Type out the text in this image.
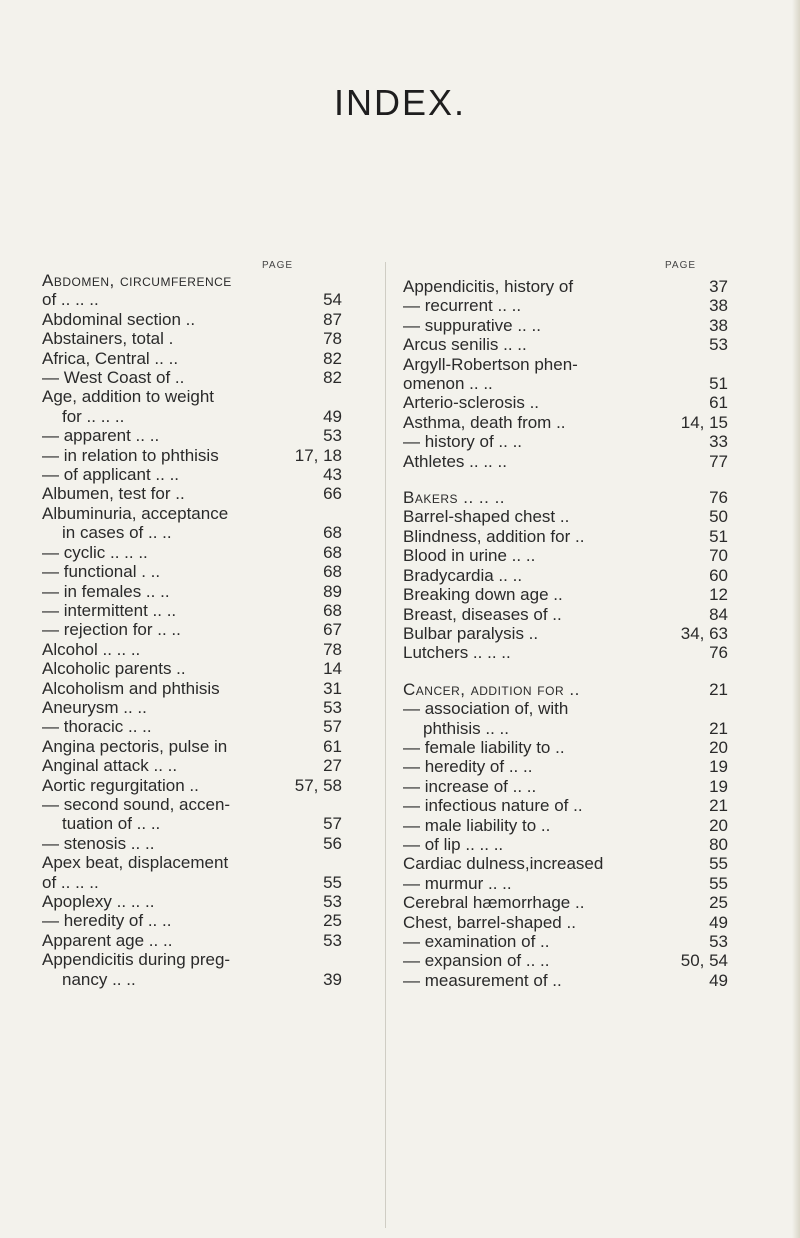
INDEX.
PAGE	PAGE
Abdomen, circumference
of .. .. ..	54
Abdominal section ..	87
Abstainers, total .	78
Africa, Central .. ..	82
— West Coast of ..	82
Age, addition to weight
for .. .. ..	49
— apparent .. ..	53
— in relation to phthisis	17, 18
— of applicant .. ..	43
Albumen, test for ..	66
Albuminuria, acceptance
in cases of .. ..	68
— cyclic .. .. ..	68
— functional . ..	68
— in females .. ..	89
— intermittent .. ..	68
— rejection for .. ..	67
Alcohol .. .. ..	78
Alcoholic parents ..	14
Alcoholism and phthisis	31
Aneurysm .. ..	53
— thoracic .. ..	57
Angina pectoris, pulse in	61
Anginal attack .. ..	27
Aortic regurgitation ..	57, 58
— second sound, accen-
tuation of .. ..	57
— stenosis .. ..	56
Apex beat, displacement
of .. .. ..	55
Apoplexy .. .. ..	53
— heredity of .. ..	25
Apparent age .. ..	53
Appendicitis during preg-
nancy .. ..	39
Appendicitis, history of	37
— recurrent .. ..	38
— suppurative .. ..	38
Arcus senilis .. ..	53
Argyll-Robertson phen-
omenon .. ..	51
Arterio-sclerosis ..	61
Asthma, death from ..	14, 15
— history of .. ..	33
Athletes .. .. ..	77
Bakers .. .. ..	76
Barrel-shaped chest ..	50
Blindness, addition for ..	51
Blood in urine .. ..	70
Bradycardia .. ..	60
Breaking down age ..	12
Breast, diseases of ..	84
Bulbar paralysis ..	34, 63
Lutchers .. .. ..	76
Cancer, addition for ..	21
— association of, with
phthisis .. ..	21
— female liability to ..	20
— heredity of .. ..	19
— increase of .. ..	19
— infectious nature of ..	21
— male liability to ..	20
— of lip .. .. ..	80
Cardiac dulness,increased	55
— murmur .. ..	55
Cerebral hæmorrhage ..	25
Chest, barrel-shaped ..	49
— examination of ..	53
— expansion of .. ..	50, 54
— measurement of ..	49
